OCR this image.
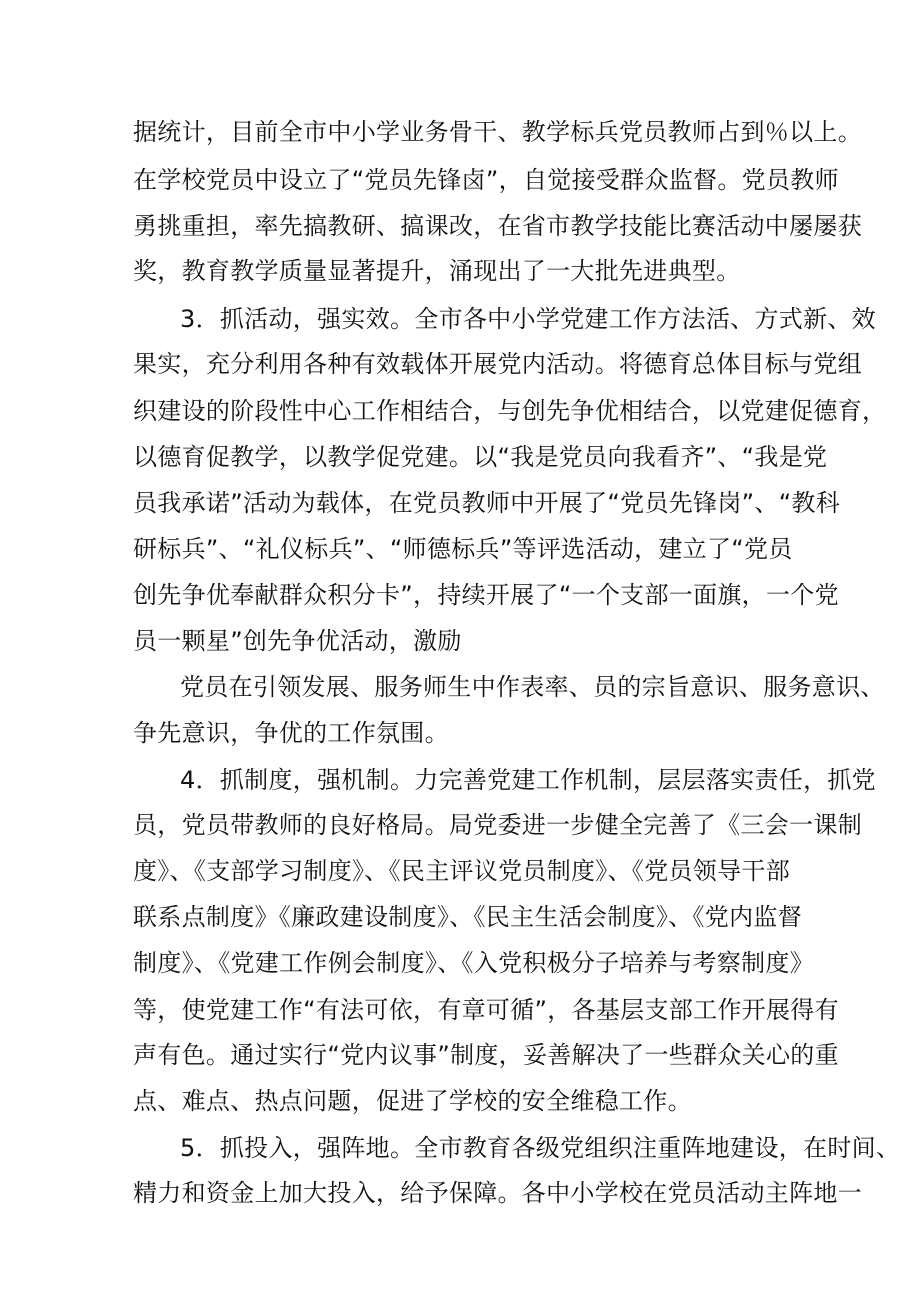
据统计，目前全市中小学业务骨干、教学标兵党员教师占到％以上。
在学校党员中设立了“党员先锋卤”，自觉接受群众监督。党员教师
勇挑重担，率先搞教研、搞课改，在省市教学技能比赛活动中屡屡获
奖，教育教学质量显著提升，涌现出了一大批先进典型。
3．抓活动，强实效。全市各中小学党建工作方法活、方式新、效
果实，充分利用各种有效载体开展党内活动。将德育总体目标与党组
织建设的阶段性中心工作相结合，与创先争优相结合，以党建促德育，
以德育促教学，以教学促党建。以“我是党员向我看齐”、“我是党
员我承诺”活动为载体，在党员教师中开展了“党员先锋岗”、“教科
研标兵”、“礼仪标兵”、“师德标兵”等评选活动，建立了“党员
创先争优奉献群众积分卡”，持续开展了“一个支部一面旗，一个党
员一颗星”创先争优活动，激励
党员在引领发展、服务师生中作表率、员的宗旨意识、服务意识、
争先意识，争优的工作氛围。
4．抓制度，强机制。力完善党建工作机制，层层落实责任，抓党
员，党员带教师的良好格局。局党委进一步健全完善了《三会一课制
度》、《支部学习制度》、《民主评议党员制度》、《党员领导干部
联系点制度》《廉政建设制度》、《民主生活会制度》、《党内监督
制度》、《党建工作例会制度》、《入党积极分子培养与考察制度》
等，使党建工作“有法可依，有章可循”，各基层支部工作开展得有
声有色。通过实行“党内议事”制度，妥善解决了一些群众关心的重
点、难点、热点问题，促进了学校的安全维稳工作。
5．抓投入，强阵地。全市教育各级党组织注重阵地建设，在时间、
精力和资金上加大投入，给予保障。各中小学校在党员活动主阵地一
